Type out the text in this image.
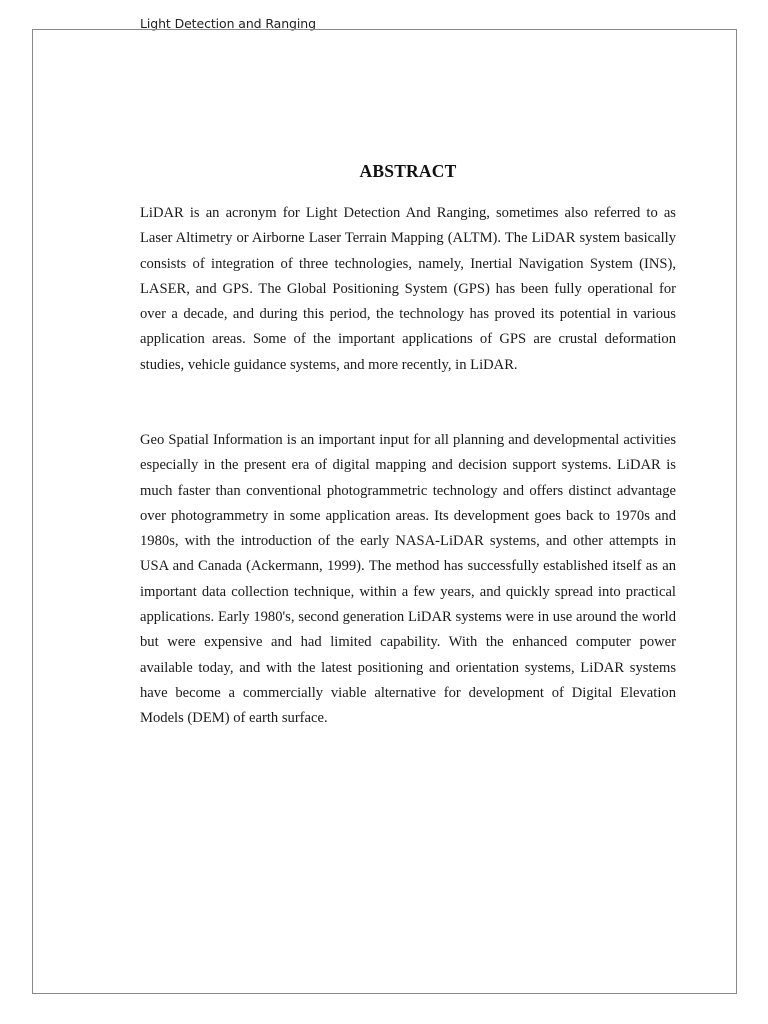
Light Detection and Ranging
ABSTRACT

LiDAR is an acronym for Light Detection And Ranging, sometimes also referred to as Laser Altimetry or Airborne Laser Terrain Mapping (ALTM). The LiDAR system basically consists of integration of three technologies, namely, Inertial Navigation System (INS), LASER, and GPS. The Global Positioning System (GPS) has been fully operational for over a decade, and during this period, the technology has proved its potential in various application areas. Some of the important applications of GPS are crustal deformation studies, vehicle guidance systems, and more recently, in LiDAR.

Geo Spatial Information is an important input for all planning and developmental activities especially in the present era of digital mapping and decision support systems. LiDAR is much faster than conventional photogrammetric technology and offers distinct advantage over photogrammetry in some application areas. Its development goes back to 1970s and 1980s, with the introduction of the early NASA-LiDAR systems, and other attempts in USA and Canada (Ackermann, 1999). The method has successfully established itself as an important data collection technique, within a few years, and quickly spread into practical applications. Early 1980's, second generation LiDAR systems were in use around the world but were expensive and had limited capability. With the enhanced computer power available today, and with the latest positioning and orientation systems, LiDAR systems have become a commercially viable alternative for development of Digital Elevation Models (DEM) of earth surface.
